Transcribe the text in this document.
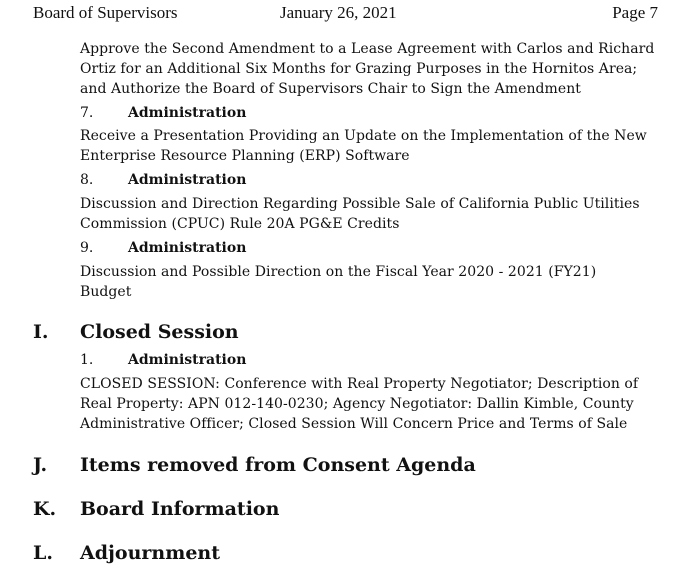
Board of Supervisors	January 26, 2021	Page 7
Approve the Second Amendment to a Lease Agreement with Carlos and Richard
Ortiz for an Additional Six Months for Grazing Purposes in the Hornitos Area;
and Authorize the Board of Supervisors Chair to Sign the Amendment
7. Administration
Receive a Presentation Providing an Update on the Implementation of the New
Enterprise Resource Planning (ERP) Software
8. Administration
Discussion and Direction Regarding Possible Sale of California Public Utilities
Commission (CPUC) Rule 20A PG&E Credits
9. Administration
Discussion and Possible Direction on the Fiscal Year 2020 - 2021 (FY21)
Budget
I. Closed Session
1. Administration
CLOSED SESSION: Conference with Real Property Negotiator; Description of
Real Property: APN 012-140-0230; Agency Negotiator: Dallin Kimble, County
Administrative Officer; Closed Session Will Concern Price and Terms of Sale
J. Items removed from Consent Agenda
K. Board Information
L. Adjournment
